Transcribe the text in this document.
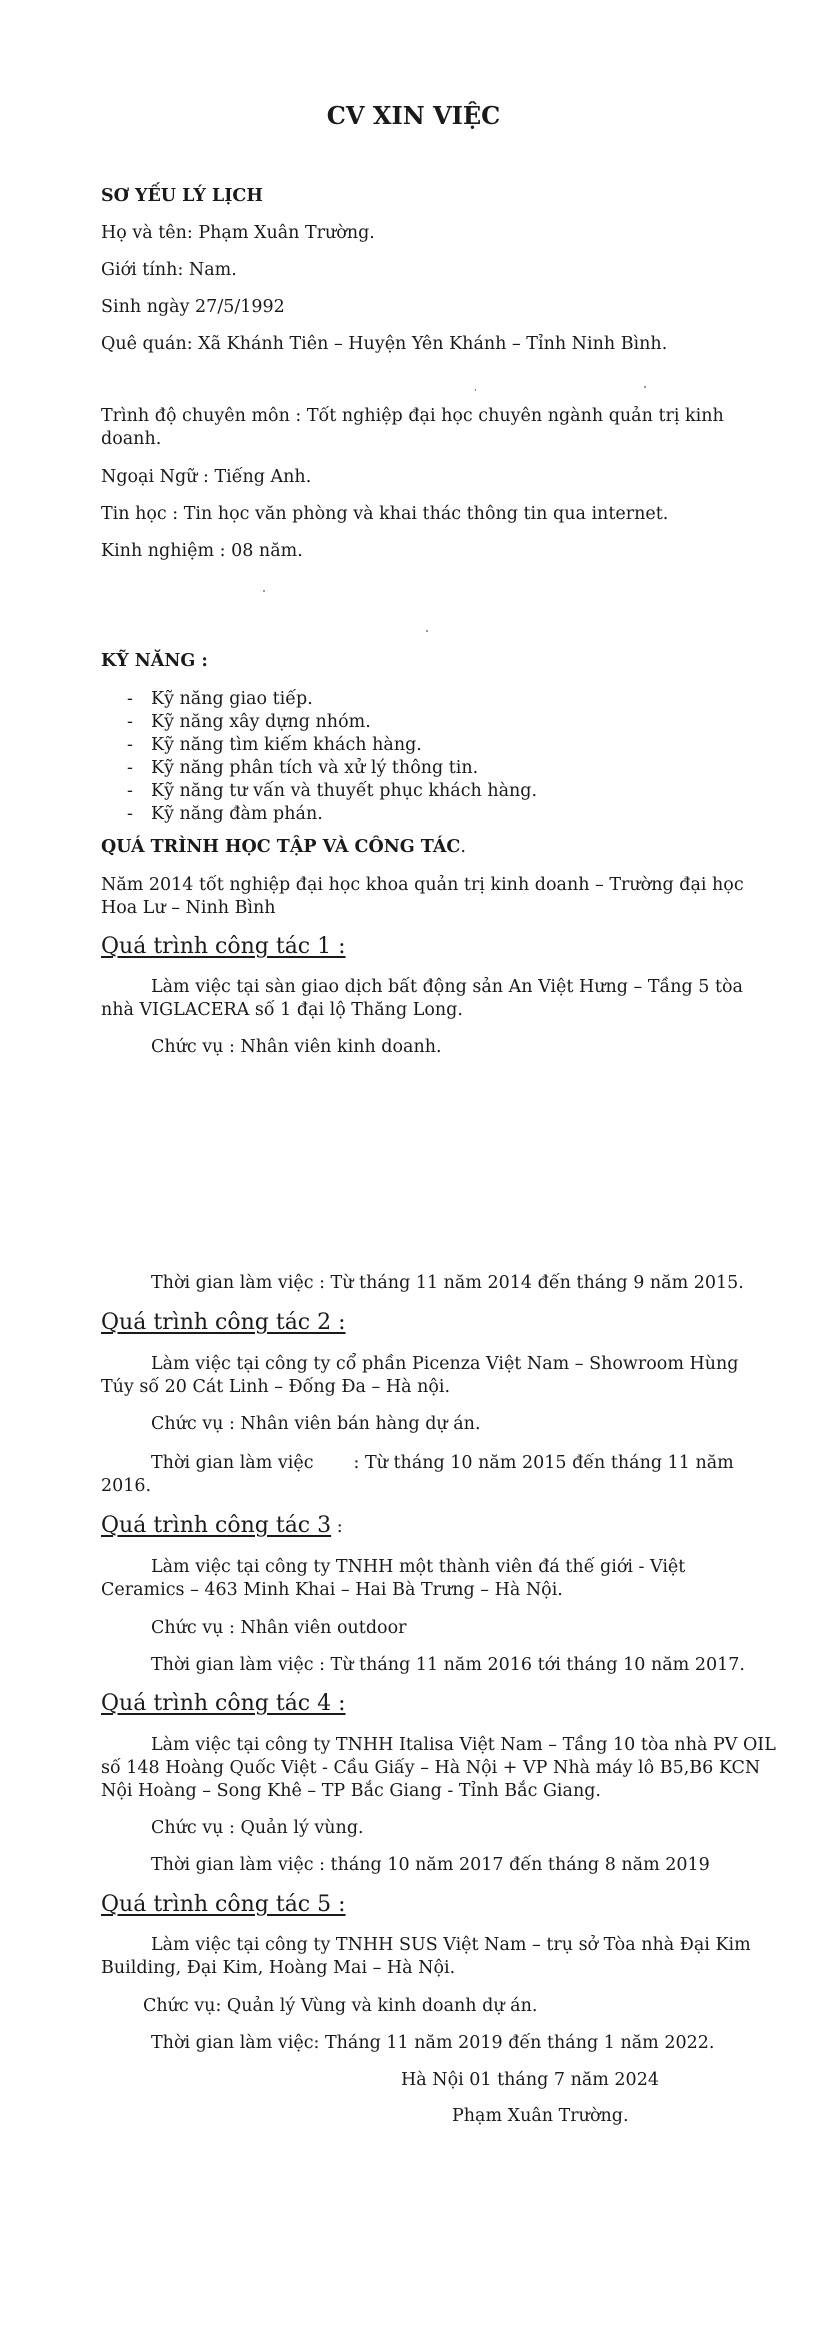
CV XIN VIỆC

SƠ YẾU LÝ LỊCH

Họ và tên: Phạm Xuân Trường.

Giới tính: Nam.

Sinh ngày 27/5/1992

Quê quán: Xã Khánh Tiên – Huyện Yên Khánh – Tỉnh Ninh Bình.

Trình độ chuyên môn : Tốt nghiệp đại học chuyên ngành quản trị kinh

doanh.

Ngoại Ngữ : Tiếng Anh.

Tin học : Tin học văn phòng và khai thác thông tin qua internet.

Kinh nghiệm : 08 năm.

KỸ NĂNG :

- Kỹ năng giao tiếp.
- Kỹ năng xây dựng nhóm.
- Kỹ năng tìm kiếm khách hàng.
- Kỹ năng phân tích và xử lý thông tin.
- Kỹ năng tư vấn và thuyết phục khách hàng.
- Kỹ năng đàm phán.

QUÁ TRÌNH HỌC TẬP VÀ CÔNG TÁC.

Năm 2014 tốt nghiệp đại học khoa quản trị kinh doanh – Trường đại học

Hoa Lư – Ninh Bình

Quá trình công tác 1 :

Làm việc tại sàn giao dịch bất động sản An Việt Hưng – Tầng 5 tòa

nhà VIGLACERA số 1 đại lộ Thăng Long.

Chức vụ : Nhân viên kinh doanh.

Thời gian làm việc : Từ tháng 11 năm 2014 đến tháng 9 năm 2015.

Quá trình công tác 2 :

Làm việc tại công ty cổ phần Picenza Việt Nam – Showroom Hùng

Túy số 20 Cát Linh – Đống Đa – Hà nội.

Chức vụ : Nhân viên bán hàng dự án.

Thời gian làm việc : Từ tháng 10 năm 2015 đến tháng 11 năm

2016.

Quá trình công tác 3 :

Làm việc tại công ty TNHH một thành viên đá thế giới - Việt

Ceramics – 463 Minh Khai – Hai Bà Trưng – Hà Nội.

Chức vụ : Nhân viên outdoor

Thời gian làm việc : Từ tháng 11 năm 2016 tới tháng 10 năm 2017.

Quá trình công tác 4 :

Làm việc tại công ty TNHH Italisa Việt Nam – Tầng 10 tòa nhà PV OIL

số 148 Hoàng Quốc Việt - Cầu Giấy – Hà Nội + VP Nhà máy lô B5,B6 KCN

Nội Hoàng – Song Khê – TP Bắc Giang - Tỉnh Bắc Giang.

Chức vụ : Quản lý vùng.

Thời gian làm việc : tháng 10 năm 2017 đến tháng 8 năm 2019

Quá trình công tác 5 :

Làm việc tại công ty TNHH SUS Việt Nam – trụ sở Tòa nhà Đại Kim

Building, Đại Kim, Hoàng Mai – Hà Nội.

Chức vụ: Quản lý Vùng và kinh doanh dự án.

Thời gian làm việc: Tháng 11 năm 2019 đến tháng 1 năm 2022.

Hà Nội 01 tháng 7 năm 2024

Phạm Xuân Trường.
